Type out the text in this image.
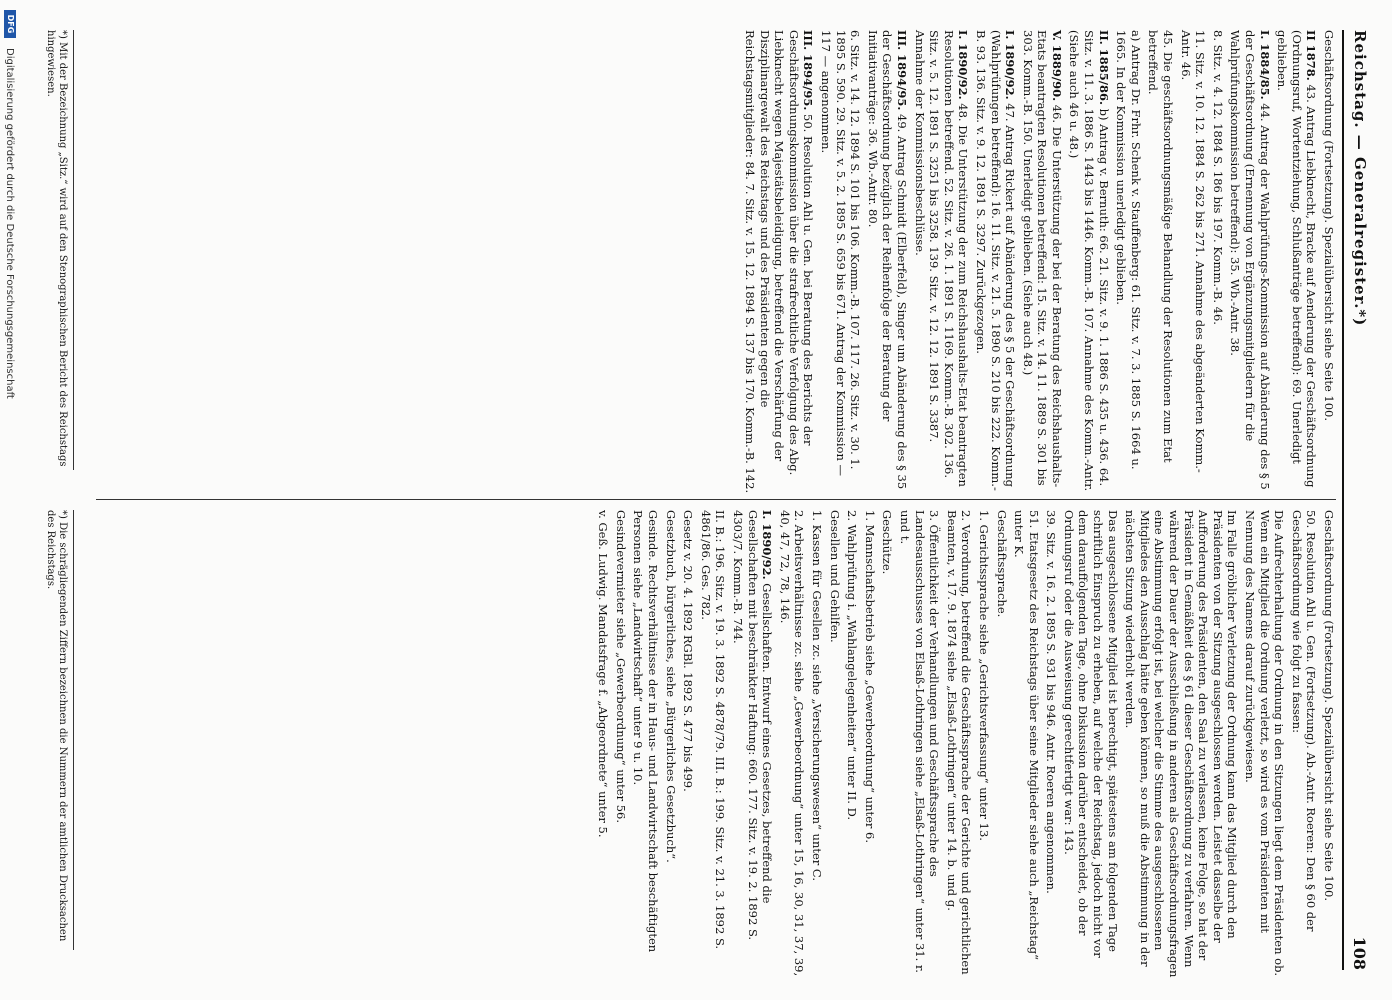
Reichstag. — Generalregister.*)
108
Geschäftsordnung (Fortsetzung). Spezialübersicht siehe Seite 100.
II 1878. 43. Antrag Liebknecht, Bracke auf Aenderung der Geschäftsordnung (Ordnungsruf, Wortentziehung, Schlußanträge betreffend): 69. Unerledigt geblieben.
I. 1884/85. 44. Antrag der Wahlprüfungs-Kommission auf Abänderung des § 5 der Geschäftsordnung (Ernennung von Ergänzungsmitgliedern für die Wahlprüfungskommission betreffend): 35. Wb.-Antr. 38.
8. Sitz. v. 4. 12. 1884 S. 186 bis 197. Komm.-B. 46.
11. Sitz. v. 10. 12. 1884 S. 262 bis 271. Annahme des abgeänderten Komm.-Antr. 46.
45. Die geschäftsordnungsmäßige Behandlung der Resolutionen zum Etat betreffend.
a) Antrag Dr. Frhr. Schenk v. Stauffenberg: 61. Sitz. v. 7. 3. 1885 S. 1664 u. 1665. In der Kommission unerledigt geblieben.
II. 1885/86. b) Antrag v. Bernuth: 66. 21. Sitz. v. 9. 1. 1886 S. 435 u. 436. 64. Sitz. v. 11. 3. 1886 S. 1443 bis 1446. Komm.-B. 107. Annahme des Komm.-Antr. (Siehe auch 46 u. 48.)
V. 1889/90. 46. Die Unterstützung der bei der Beratung des Reichshaushalts-Etats beantragten Resolutionen betreffend: 15. Sitz. v. 14. 11. 1889 S. 301 bis 303. Komm.-B. 150. Unerledigt geblieben. (Siehe auch 48.)
I. 1890/92. 47. Antrag Rickert auf Abänderung des § 5 der Geschäftsordnung (Wahlprüfungen betreffend): 16. 11. Sitz. v. 21. 5. 1890 S. 210 bis 222. Komm.-B. 93. 136. Sitz. v. 9. 12. 1891 S. 3297. Zurückgezogen.
I. 1890/92. 48. Die Unterstützung der zum Reichshaushalts-Etat beantragten Resolutionen betreffend. 52. Sitz. v. 26. 1. 1891 S. 1169. Komm.-B. 302. 136. Sitz. v. 5. 12. 1891 S. 3251 bis 3258. 139. Sitz. v. 12. 12. 1891 S. 3387. Annahme der Kommissionsbeschlüsse.
III. 1894/95. 49. Antrag Schmidt (Elberfeld), Singer um Abänderung des § 35 der Geschäftsordnung bezüglich der Reihenfolge der Beratung der Initiativanträge: 36. Wb.-Antr. 80.
6. Sitz. v. 14. 12. 1894 S. 101 bis 106. Komm.-B. 107. 117. 26. Sitz. v. 30. 1. 1895 S. 590. 29. Sitz. v. 5. 2. 1895 S. 659 bis 671. Antrag der Kommission — 117 — angenommen.
III. 1894/95. 50. Resolution Ahl u. Gen. bei Beratung des Berichts der Geschäftsordnungskommission über die strafrechtliche Verfolgung des Abg. Liebknecht wegen Majestätsbeleidigung, betreffend die Verschärfung der Disziplinargewalt des Reichstags und des Präsidenten gegen die Reichstagsmitglieder: 84. 7. Sitz. v. 15. 12. 1894 S. 137 bis 170. Komm.-B. 142.
Geschäftsordnung (Fortsetzung). Spezialübersicht siehe Seite 100.
50. Resolution Ahl u. Gen. (Fortsetzung). Ab.-Antr. Roeren: Den § 60 der Geschäftsordnung wie folgt zu fassen:
Die Aufrechterhaltung der Ordnung in den Sitzungen liegt dem Präsidenten ob. Wenn ein Mitglied die Ordnung verletzt, so wird es vom Präsidenten mit Nennung des Namens darauf zurückgewiesen.
Im Falle gröblicher Verletzung der Ordnung kann das Mitglied durch den Präsidenten von der Sitzung ausgeschlossen werden. Leistet dasselbe der Aufforderung des Präsidenten, den Saal zu verlassen, keine Folge, so hat der Präsident in Gemäßheit des § 61 dieser Geschäftsordnung zu verfahren. Wenn während der Dauer der Ausschließung in anderen als Geschäftsordnungsfragen eine Abstimmung erfolgt ist, bei welcher die Stimme des ausgeschlossenen Mitgliedes den Ausschlag hätte geben können, so muß die Abstimmung in der nächsten Sitzung wiederholt werden.
Das ausgeschlossene Mitglied ist berechtigt, spätestens am folgenden Tage schriftlich Einspruch zu erheben, auf welche der Reichstag, jedoch nicht vor dem darauffolgenden Tage, ohne Diskussion darüber entscheidet, ob der Ordnungsruf oder die Ausweisung gerechtfertigt war: 143.
39. Sitz. v. 16. 2. 1895 S. 931 bis 946. Antr. Roeren angenommen.
51. Etatsgesetz des Reichstags über seine Mitglieder siehe auch „Reichstag“ unter K.
Geschäftssprache.
1. Gerichtssprache siehe „Gerichtsverfassung“ unter 13.
2. Verordnung, betreffend die Geschäftssprache der Gerichte und gerichtlichen Beamten, v. 17. 9. 1874 siehe „Elsaß-Lothringen“ unter 14. b. und g.
3. Öffentlichkeit der Verhandlungen und Geschäftssprache des Landesausschusses von Elsaß-Lothringen siehe „Elsaß-Lothringen“ unter 31. r. und t.
Geschütze.
1. Mannschaftsbetrieb siehe „Gewerbeordnung“ unter 6.
2. Wahlprüfung i. „Wahlangelegenheiten“ unter II. D.
Gesellen und Gehilfen.
1. Kassen für Gesellen zc. siehe „Versicherungswesen“ unter C.
2. Arbeitsverhältnisse zc. siehe „Gewerbeordnung“ unter 15, 16, 30, 31, 37, 39, 40, 47, 72, 78, 146.
I. 1890/92. Gesellschaften. Entwurf eines Gesetzes, betreffend die Gesellschaften mit beschränkter Haftung: 660. 177. Sitz. v. 19. 2. 1892 S. 4303/7. Komm.-B. 744.
II. B.: 196. Sitz. v. 19. 3. 1892 S. 4878/79. III. B.: 199. Sitz. v. 21. 3. 1892 S. 4861/86. Ges. 782.
Gesetz v. 20. 4. 1892 RGBl. 1892 S. 477 bis 499.
Gesetzbuch, bürgerliches, siehe „Bürgerliches Gesetzbuch“.
Gesinde. Rechtsverhältnisse der in Haus- und Landwirtschaft beschäftigten Personen siehe „Landwirtschaft“ unter 9 u. 10.
Gesindevermieter siehe „Gewerbeordnung“ unter 56.
v. Geß. Ludwig. Mandatsfrage f. „Abgeordnete“ unter 5.
*) Mit der Bezeichnung „Sitz.“ wird auf den Stenographischen Bericht des Reichstags hingewiesen.
*) Die schrägliegenden Ziffern bezeichnen die Nummern der amtlichen Drucksachen des Reichstags.
DFG
Digitalisierung gefördert durch die Deutsche Forschungsgemeinschaft
